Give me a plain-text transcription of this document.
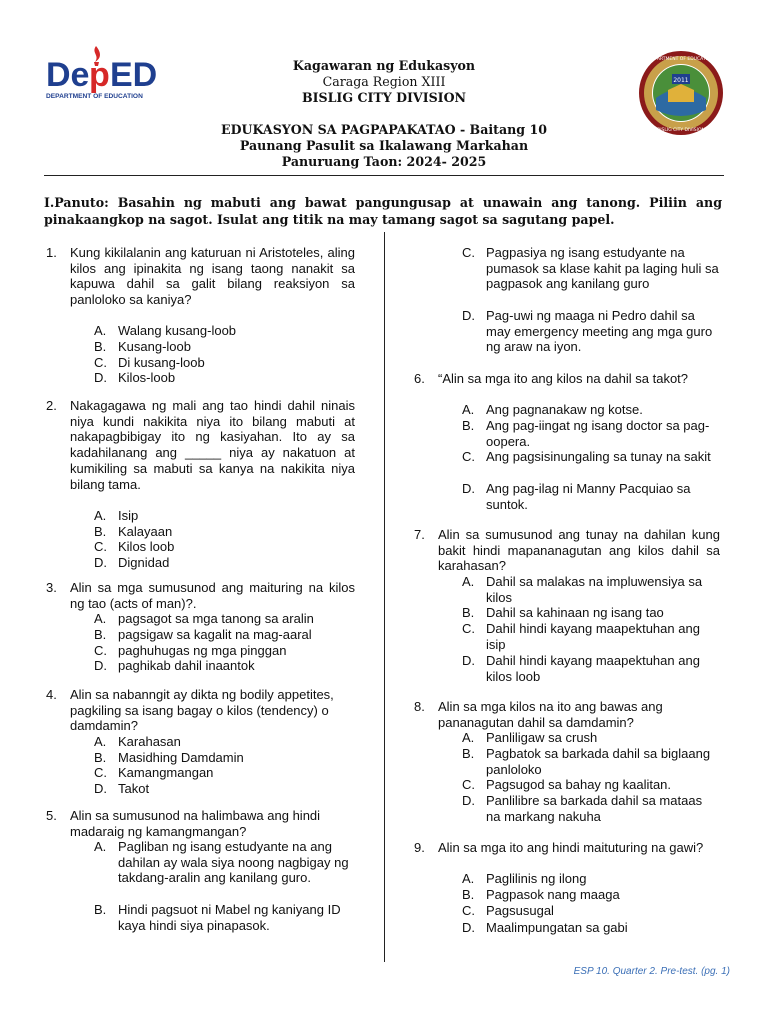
De p ED
DEPARTMENT OF EDUCATION
Kagawaran ng Edukasyon
Caraga Region XIII
BISLIG CITY DIVISION
EDUKASYON SA PAGPAPAKATAO - Baitang 10
Paunang Pasulit sa Ikalawang Markahan
Panuruang Taon: 2024- 2025
2011
DEPARTMENT OF EDUCATION
BISLIG CITY DIVISION
I.Panuto: Basahin ng mabuti ang bawat pangungusap at unawain ang tanong. Piliin ang pinakaangkop na sagot. Isulat ang titik na may tamang sagot sa sagutang papel.
1. Kung kikilalanin ang katuruan ni Aristoteles, aling kilos ang ipinakita ng isang taong nanakit sa kapuwa dahil sa galit bilang reaksiyon sa panloloko sa kaniya?
A. Walang kusang-loob
B. Kusang-loob
C. Di kusang-loob
D. Kilos-loob
2. Nakagagawa ng mali ang tao hindi dahil ninais niya kundi nakikita niya ito bilang mabuti at nakapagbibigay ito ng kasiyahan. Ito ay sa kadahilanang ang _____ niya ay nakatuon at kumikiling sa mabuti sa kanya na nakikita niya bilang tama.
A. Isip
B. Kalayaan
C. Kilos loob
D. Dignidad
3. Alin sa mga sumusunod ang maituring na kilos ng tao (acts of man)?.
A. pagsagot sa mga tanong sa aralin
B. pagsigaw sa kagalit na mag-aaral
C. paghuhugas ng mga pinggan
D. paghikab dahil inaantok
4. Alin sa nabanngit ay dikta ng bodily appetites, pagkiling sa isang bagay o kilos (tendency) o damdamin?
A. Karahasan
B. Masidhing Damdamin
C. Kamangmangan
D. Takot
5. Alin sa sumusunod na halimbawa ang hindi madaraig ng kamangmangan?
A. Pagliban ng isang estudyante na ang dahilan ay wala siya noong nagbigay ng takdang-aralin ang kanilang guro.
B. Hindi pagsuot ni Mabel ng kaniyang ID kaya hindi siya pinapasok.
C. Pagpasiya ng isang estudyante na pumasok sa klase kahit pa laging huli sa pagpasok ang kanilang guro
D. Pag-uwi ng maaga ni Pedro dahil sa may emergency meeting ang mga guro ng araw na iyon.
6. “Alin sa mga ito ang kilos na dahil sa takot?
A. Ang pagnanakaw ng kotse.
B. Ang pag-iingat ng isang doctor sa pag-oopera.
C. Ang pagsisinungaling sa tunay na sakit
D. Ang pag-ilag ni Manny Pacquiao sa suntok.
7. Alin sa sumusunod ang tunay na dahilan kung bakit hindi mapananagutan ang kilos dahil sa karahasan?
A. Dahil sa malakas na impluwensiya sa kilos
B. Dahil sa kahinaan ng isang tao
C. Dahil hindi kayang maapektuhan ang isip
D. Dahil hindi kayang maapektuhan ang kilos loob
8. Alin sa mga kilos na ito ang bawas ang pananagutan dahil sa damdamin?
A. Panliligaw sa crush
B. Pagbatok sa barkada dahil sa biglaang panloloko
C. Pagsugod sa bahay ng kaalitan.
D. Panlilibre sa barkada dahil sa mataas na markang nakuha
9. Alin sa mga ito ang hindi maituturing na gawi?
A. Paglilinis ng ilong
B. Pagpasok nang maaga
C. Pagsusugal
D. Maalimpungatan sa gabi
ESP 10. Quarter 2. Pre-test. (pg. 1)
